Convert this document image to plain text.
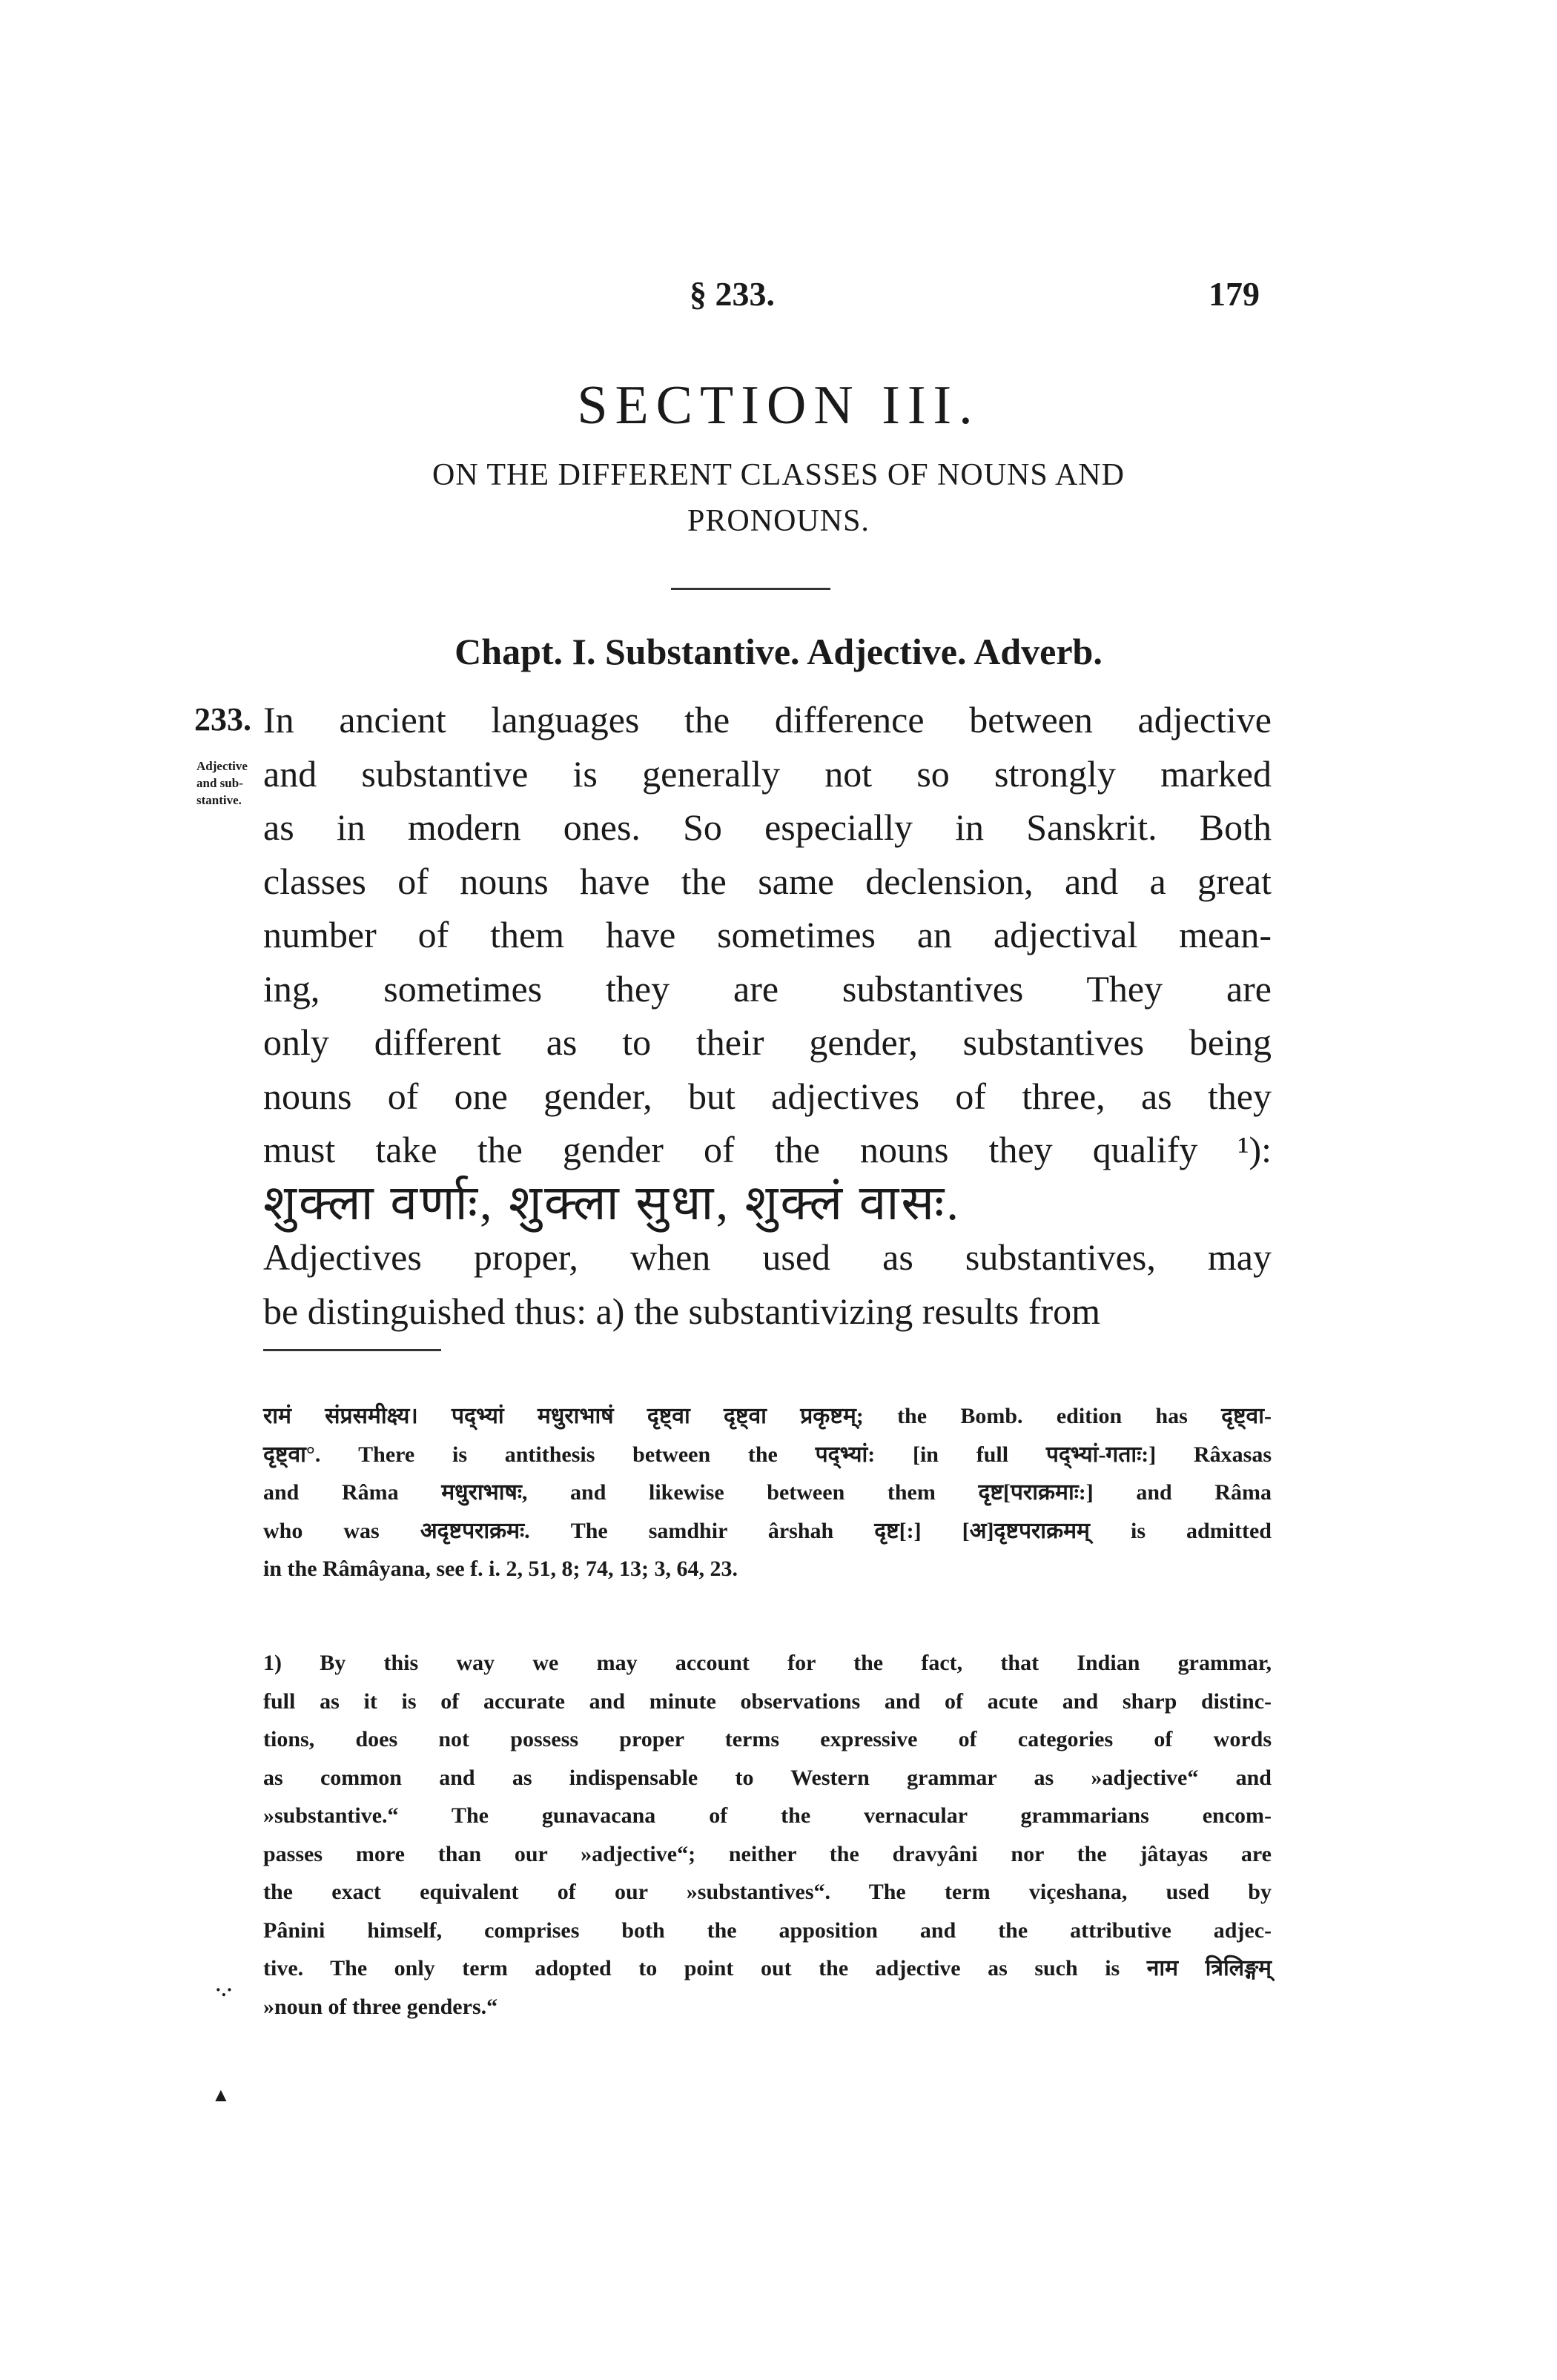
§ 233.	179
SECTION III.
ON THE DIFFERENT CLASSES OF NOUNS AND
PRONOUNS.
Chapt. I. Substantive. Adjective. Adverb.
233.
Adjective
and sub-
stantive.
In ancient languages the difference between adjective
and substantive is generally not so strongly marked
as in modern ones. So especially in Sanskrit. Both
classes of nouns have the same declension, and a great
number of them have sometimes an adjectival mean-
ing, sometimes they are substantives They are
only different as to their gender, substantives being
nouns of one gender, but adjectives of three, as they
must take the gender of the nouns they qualify ¹):
शुक्ला वर्णाः, शुक्ला सुधा, शुक्लं वासः.
Adjectives proper, when used as substantives, may
be distinguished thus: a) the substantivizing results from
रामं संप्रसमीक्ष्य। पद्भ्यां मधुराभाषं दृष्ट्वा दृष्ट्वा प्रकृष्टम्; the Bomb. edition has दृष्ट्वा-
दृष्ट्वा°. There is antithesis between the पद्भ्यां: [in full पद्भ्यां-गताः:] Râxasas
and Râma मधुराभाषः, and likewise between them दृष्ट[पराक्रमाः:] and Râma
who was अदृष्टपराक्रमः. The samdhir ârshah दृष्ट[:] [अ]दृष्टपराक्रमम् is admitted
in the Râmâyana, see f. i. 2, 51, 8; 74, 13; 3, 64, 23.
1) By this way we may account for the fact, that Indian grammar,
full as it is of accurate and minute observations and of acute and sharp distinc-
tions, does not possess proper terms expressive of categories of words
as common and as indispensable to Western grammar as »adjective“ and
»substantive.“ The gunavacana of the vernacular grammarians encom-
passes more than our »adjective“; neither the dravyâni nor the jâtayas are
the exact equivalent of our »substantives“. The term viçeshana, used by
Pânini himself, comprises both the apposition and the attributive adjec-
tive. The only term adopted to point out the adjective as such is नाम त्रिलिङ्गम्
»noun of three genders.“
·.·
▲
